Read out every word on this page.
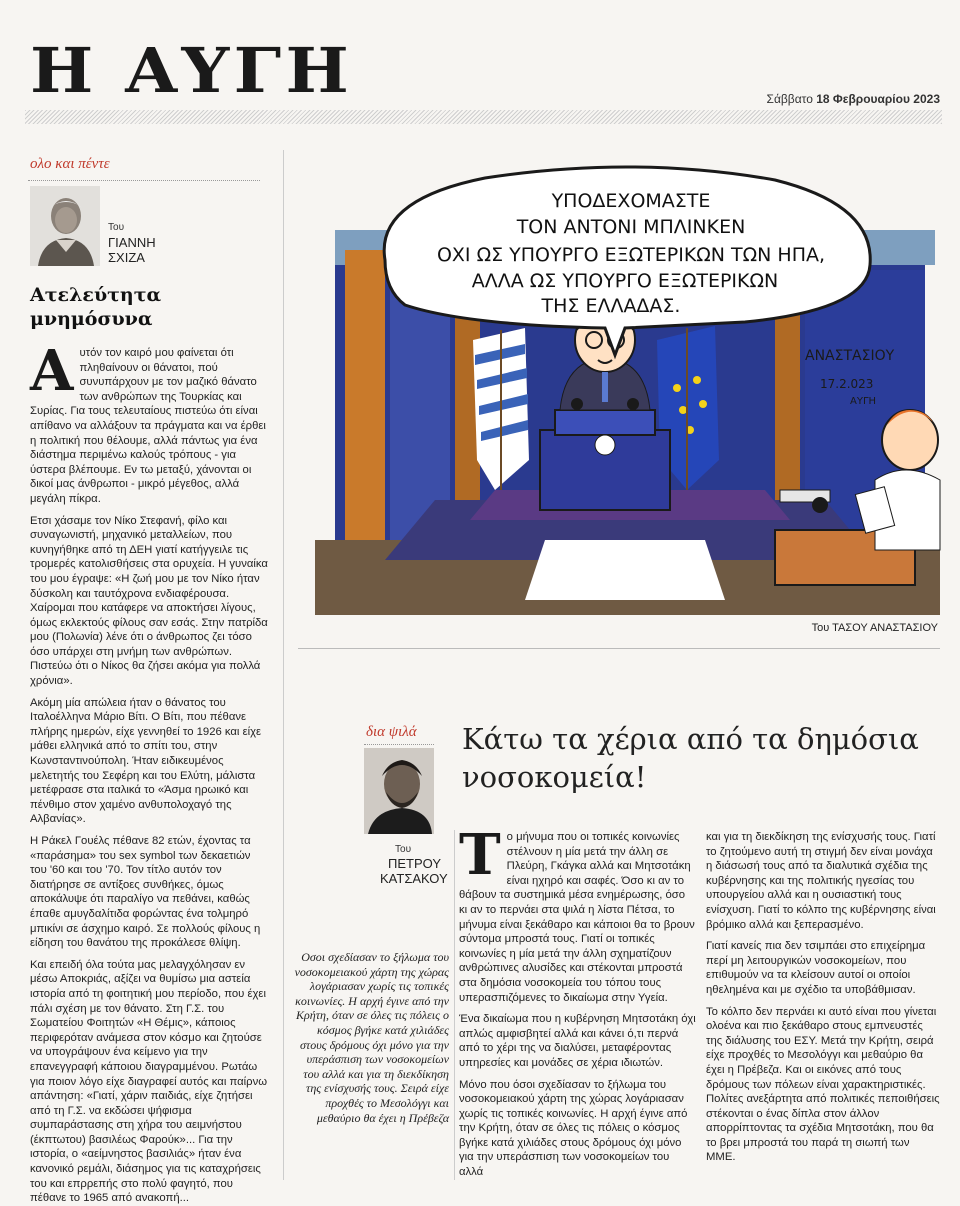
Η ΑΥΓΗ	Σάββατο 18 Φεβρουαρίου 2023
ολο και πέντε
Του
ΓΙΑΝΝΗ
ΣΧΙΖΑ
Ατελεύτητα
μνημόσυνα

Αυτόν τον καιρό μου φαίνεται ότι πληθαίνουν οι θάνατοι, πού συνυπάρχουν με τον μαζικό θάνατο των ανθρώπων της Τουρκίας και Συρίας. Για τους τελευταίους πιστεύω ότι είναι απίθανο να αλλάξουν τα πράγματα και να έρθει η πολιτική που θέλουμε, αλλά πάντως για ένα διάστημα περιμένω καλούς τρόπους - για ύστερα βλέπουμε. Εν τω μεταξύ, χάνονται οι δικοί μας άνθρωποι - μικρό μέγεθος, αλλά μεγάλη πίκρα.

Ετσι χάσαμε τον Νίκο Στεφανή, φίλο και συναγωνιστή, μηχανικό μεταλλείων, που κυνηγήθηκε από τη ΔΕΗ γιατί κατήγγειλε τις τρομερές κατολισθήσεις στα ορυχεία. Η γυναίκα του μου έγραψε: «Η ζωή μου με τον Νίκο ήταν δύσκολη και ταυτόχρονα ενδιαφέρουσα. Χαίρομαι που κατάφερε να αποκτήσει λίγους, όμως εκλεκτούς φίλους σαν εσάς. Στην πατρίδα μου (Πολωνία) λένε ότι ο άνθρωπος ζει τόσο όσο υπάρχει στη μνήμη των ανθρώπων. Πιστεύω ότι ο Νίκος θα ζήσει ακόμα για πολλά χρόνια».

Ακόμη μία απώλεια ήταν ο θάνατος του Ιταλοέλληνα Μάριο Βίτι. Ο Βίτι, που πέθανε πλήρης ημερών, είχε γεννηθεί το 1926 και είχε μάθει ελληνικά από το σπίτι του, στην Κωνσταντινούπολη. Ήταν ειδικευμένος μελετητής του Σεφέρη και του Ελύτη, μάλιστα μετέφρασε στα ιταλικά το «Άσμα ηρωικό και πένθιμο στον χαμένο ανθυπολοχαγό της Αλβανίας».

Η Ράκελ Γουέλς πέθανε 82 ετών, έχοντας τα «παράσημα» του sex symbol των δεκαετιών του '60 και του '70. Τον τίτλο αυτόν τον διατήρησε σε αντίξοες συνθήκες, όμως αποκάλυψε ότι παραλίγο να πεθάνει, καθώς έπαθε αμυγδαλίτιδα φορώντας ένα τολμηρό μπικίνι σε άσχημο καιρό. Σε πολλούς φίλους η είδηση του θανάτου της προκάλεσε θλίψη.

Και επειδή όλα τούτα μας μελαγχόλησαν εν μέσω Αποκριάς, αξίζει να θυμίσω μια αστεία ιστορία από τη φοιτητική μου περίοδο, που έχει πάλι σχέση με τον θάνατο. Στη Γ.Σ. του Σωματείου Φοιτητών «Η Θέμις», κάποιος περιφερόταν ανάμεσα στον κόσμο και ζητούσε να υπογράψουν ένα κείμενο για την επανεγγραφή κάποιου διαγραμμένου. Ρωτάω για ποιον λόγο είχε διαγραφεί αυτός και παίρνω απάντηση: «Γιατί, χάριν παιδιάς, είχε ζητήσει από τη Γ.Σ. να εκδώσει ψήφισμα συμπαράστασης στη χήρα του αειμνήστου (έκπτωτου) βασιλέως Φαρούκ»... Για την ιστορία, ο «αείμνηστος βασιλιάς» ήταν ένα κανονικό ρεμάλι, διάσημος για τις καταχρήσεις του και επρρεπής στο πολύ φαγητό, που πέθανε το 1965 από ανακοπή...

ΥΠΟΔΕΧΟΜΑΣΤΕ
ΤΟΝ ΑΝΤΟΝΙ ΜΠΛΙΝΚΕΝ
ΟΧΙ ΩΣ ΥΠΟΥΡΓΟ ΕΞΩΤΕΡΙΚΩΝ ΤΩΝ ΗΠΑ,
ΑΛΛΑ ΩΣ ΥΠΟΥΡΓΟ ΕΞΩΤΕΡΙΚΩΝ
ΤΗΣ ΕΛΛΑΔΑΣ.
ΑΝΑΣΤΑΣΙΟΥ
17.2.023
ΑΥΓΗ
Του ΤΑΣΟΥ ΑΝΑΣΤΑΣΙΟΥ
δια ψιλά
Του
ΠΕΤΡΟΥ
ΚΑΤΣΑΚΟΥ
Κάτω τα χέρια από τα δημόσια
νοσοκομεία!
Οσοι σχεδίασαν το ξήλωμα του νοσοκομειακού χάρτη της χώρας λογάριασαν χωρίς τις τοπικές κοινωνίες. Η αρχή έγινε από την Κρήτη, όταν σε όλες τις πόλεις ο κόσμος βγήκε κατά χιλιάδες στους δρόμους όχι μόνο για την υπεράσπιση των νοσοκομείων του αλλά και για τη διεκδίκηση της ενίσχυσής τους. Σειρά είχε προχθές το Μεσολόγγι και μεθαύριο θα έχει η Πρέβεζα

Το μήνυμα που οι τοπικές κοινωνίες στέλνουν η μία μετά την άλλη σε Πλεύρη, Γκάγκα αλλά και Μητσοτάκη είναι ηχηρό και σαφές. Όσο κι αν το θάβουν τα συστημικά μέσα ενημέρωσης, όσο κι αν το περνάει στα ψιλά η λίστα Πέτσα, το μήνυμα είναι ξεκάθαρο και κάποιοι θα το βρουν σύντομα μπροστά τους. Γιατί οι τοπικές κοινωνίες η μία μετά την άλλη σχηματίζουν ανθρώπινες αλυσίδες και στέκονται μπροστά στα δημόσια νοσοκομεία του τόπου τους υπερασπιζόμενες το δικαίωμα στην Υγεία.

Ένα δικαίωμα που η κυβέρνηση Μητσοτάκη όχι απλώς αμφισβητεί αλλά και κάνει ό,τι περνά από το χέρι της να διαλύσει, μεταφέροντας υπηρεσίες και μονάδες σε χέρια ιδιωτών.

Μόνο που όσοι σχεδίασαν το ξήλωμα του νοσοκομειακού χάρτη της χώρας λογάριασαν χωρίς τις τοπικές κοινωνίες. Η αρχή έγινε από την Κρήτη, όταν σε όλες τις πόλεις ο κόσμος βγήκε κατά χιλιάδες στους δρόμους όχι μόνο για την υπεράσπιση των νοσοκομείων του αλλά

και για τη διεκδίκηση της ενίσχυσής τους. Γιατί το ζητούμενο αυτή τη στιγμή δεν είναι μονάχα η διάσωσή τους από τα διαλυτικά σχέδια της κυβέρνησης και της πολιτικής ηγεσίας του υπουργείου αλλά και η ουσιαστική τους ενίσχυση. Γιατί το κόλπο της κυβέρνησης είναι βρόμικο αλλά και ξεπερασμένο.

Γιατί κανείς πια δεν τσιμπάει στο επιχείρημα περί μη λειτουργικών νοσοκομείων, που επιθυμούν να τα κλείσουν αυτοί οι οποίοι ηθελημένα και με σχέδιο τα υποβάθμισαν.

Το κόλπο δεν περνάει κι αυτό είναι που γίνεται ολοένα και πιο ξεκάθαρο στους εμπνευστές της διάλυσης του ΕΣΥ. Μετά την Κρήτη, σειρά είχε προχθές το Μεσολόγγι και μεθαύριο θα έχει η Πρέβεζα. Και οι εικόνες από τους δρόμους των πόλεων είναι χαρακτηριστικές. Πολίτες ανεξάρτητα από πολιτικές πεποιθήσεις στέκονται ο ένας δίπλα στον άλλον απορρίπτοντας τα σχέδια Μητσοτάκη, που θα το βρει μπροστά του παρά τη σιωπή των ΜΜΕ.
